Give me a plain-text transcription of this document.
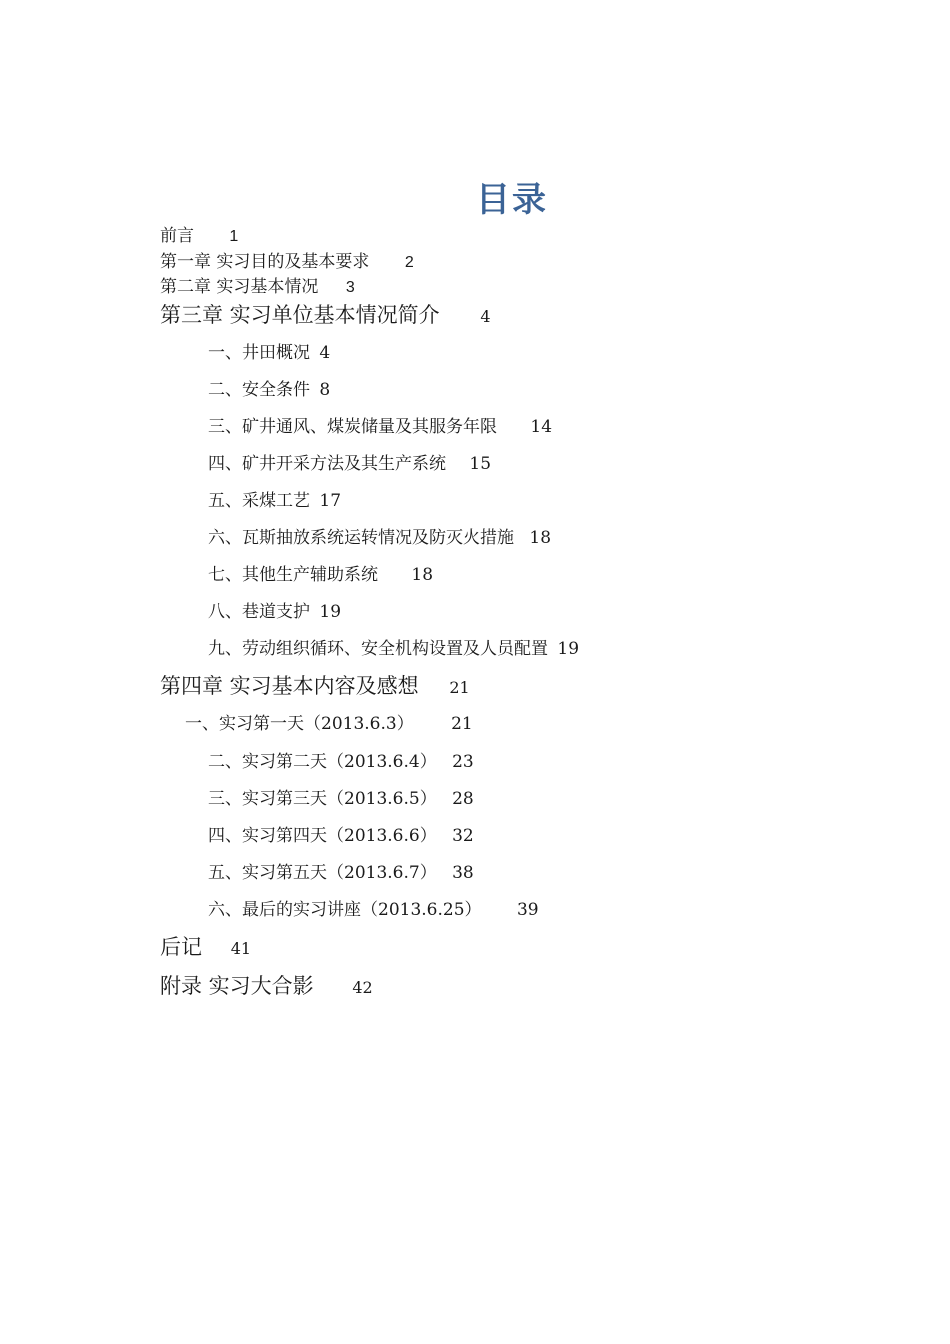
目录
前言 1
第一章 实习目的及基本要求 2
第二章 实习基本情况 3
第三章 实习单位基本情况简介	4
一、井田概况 4
二、安全条件 8
三、矿井通风、煤炭储量及其服务年限 14
四、矿井开采方法及其生产系统 15
五、采煤工艺 17
六、瓦斯抽放系统运转情况及防灭火措施 18
七、其他生产辅助系统 18
八、巷道支护 19
九、劳动组织循环、安全机构设置及人员配置 19
第四章 实习基本内容及感想 21
一、实习第一天（2013.6.3） 21
二、实习第二天（2013.6.4） 23
三、实习第三天（2013.6.5） 28
四、实习第四天（2013.6.6） 32
五、实习第五天（2013.6.7） 38
六、最后的实习讲座（2013.6.25） 39
后记 41
附录 实习大合影 42
